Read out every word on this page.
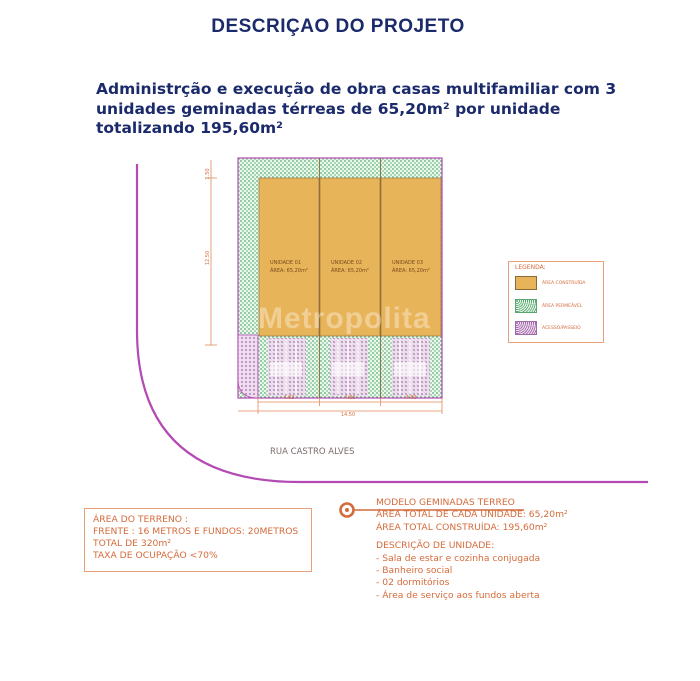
DESCRIÇAO DO PROJETO
Administrção e execução de obra casas multifamiliar com 3 unidades geminadas térreas de 65,20m² por unidade totalizando 195,60m²
1.50
12.50	UNIDADE 01
ÁREA: 65,20m²
UNIDADE 02
ÁREA: 65,20m²
UNIDADE 03
ÁREA: 65,20m²
4.83	4.83	4.83
14.50
RUA CASTRO ALVES
Metropolita
LEGENDA:
ÁREA CONSTRUÍDA
ÁREA PERMEÁVEL
ACESSO/PASSEIO
ÁREA DO TERRENO :
FRENTE : 16 METROS E FUNDOS: 20METROS
TOTAL DE 320m²
TAXA DE OCUPAÇÃO <70%
MODELO GEMINADAS TERREO
ÁREA TOTAL DE CADA UNIDADE: 65,20m²
ÁREA TOTAL CONSTRUÍDA: 195,60m²
DESCRIÇÃO DE UNIDADE:
- Sala de estar e cozinha conjugada
- Banheiro social
- 02 dormitórios
- Área de serviço aos fundos aberta
